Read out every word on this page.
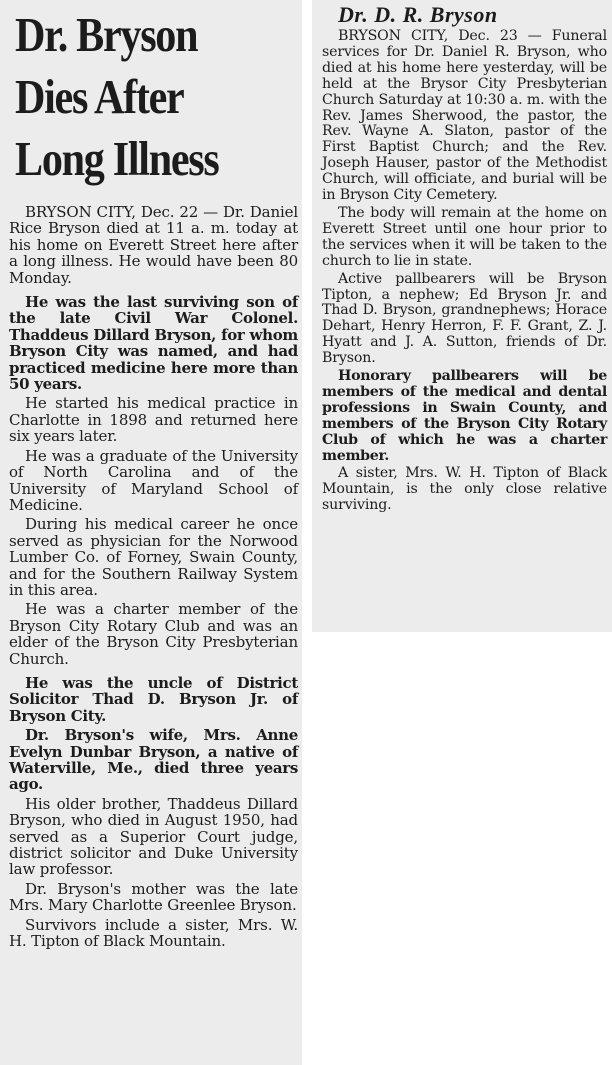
Dr. Bryson
Dies After
Long Illness

BRYSON CITY, Dec. 22 — Dr. Daniel Rice Bryson died at 11 a. m. today at his home on Everett Street here after a long illness. He would have been 80 Monday.

He was the last surviving son of the late Civil War Colonel. Thaddeus Dillard Bryson, for whom Bryson City was named, and had practiced medicine here more than 50 years.

He started his medical practice in Charlotte in 1898 and returned here six years later.

He was a graduate of the University of North Carolina and of the University of Maryland School of Medicine.

During his medical career he once served as physician for the Norwood Lumber Co. of Forney, Swain County, and for the Southern Railway System in this area.

He was a charter member of the Bryson City Rotary Club and was an elder of the Bryson City Presbyterian Church.

He was the uncle of District Solicitor Thad D. Bryson Jr. of Bryson City.

Dr. Bryson's wife, Mrs. Anne Evelyn Dunbar Bryson, a native of Waterville, Me., died three years ago.

His older brother, Thaddeus Dillard Bryson, who died in August 1950, had served as a Superior Court judge, district solicitor and Duke University law professor.

Dr. Bryson's mother was the late Mrs. Mary Charlotte Greenlee Bryson.

Survivors include a sister, Mrs. W. H. Tipton of Black Mountain.

Dr. D. R. Bryson

BRYSON CITY, Dec. 23 — Funeral services for Dr. Daniel R. Bryson, who died at his home here yesterday, will be held at the Brysor City Presbyterian Church Saturday at 10:30 a. m. with the Rev. James Sherwood, the pastor, the Rev. Wayne A. Slaton, pastor of the First Baptist Church; and the Rev. Joseph Hauser, pastor of the Methodist Church, will officiate, and burial will be in Bryson City Cemetery.

The body will remain at the home on Everett Street until one hour prior to the services when it will be taken to the church to lie in state.

Active pallbearers will be Bryson Tipton, a nephew; Ed Bryson Jr. and Thad D. Bryson, grandnephews; Horace Dehart, Henry Herron, F. F. Grant, Z. J. Hyatt and J. A. Sutton, friends of Dr. Bryson.

Honorary pallbearers will be members of the medical and dental professions in Swain County, and members of the Bryson City Rotary Club of which he was a charter member.

A sister, Mrs. W. H. Tipton of Black Mountain, is the only close relative surviving.
